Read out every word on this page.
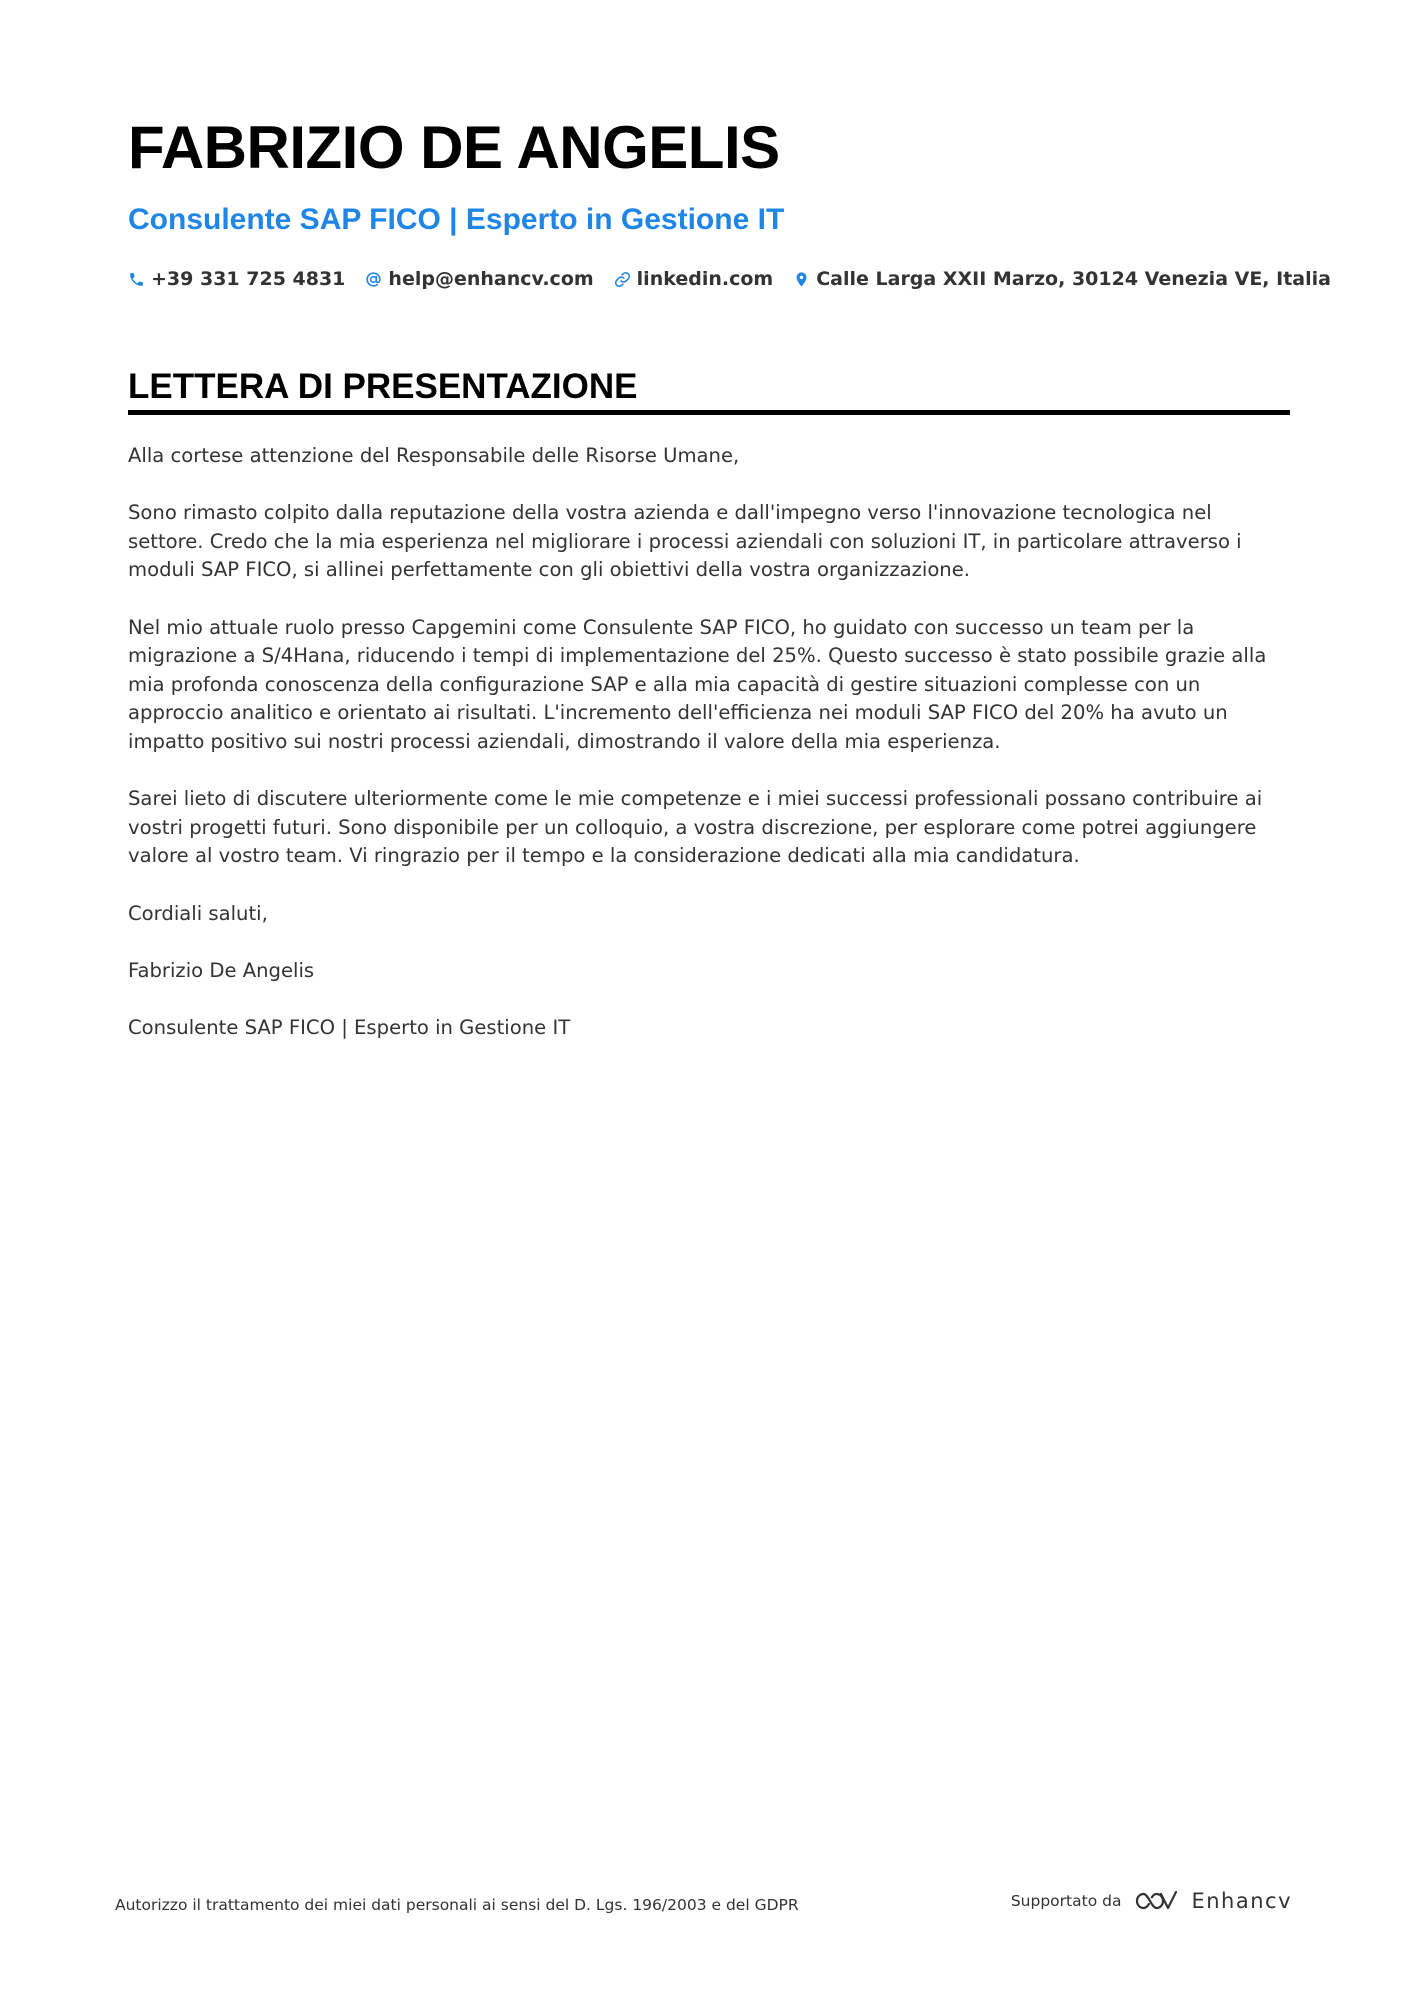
FABRIZIO DE ANGELIS
Consulente SAP FICO | Esperto in Gestione IT
+39 331 725 4831 help@enhancv.com linkedin.com Calle Larga XXII Marzo, 30124 Venezia VE, Italia
LETTERA DI PRESENTAZIONE

Alla cortese attenzione del Responsabile delle Risorse Umane,

Sono rimasto colpito dalla reputazione della vostra azienda e dall'impegno verso l'innovazione tecnologica nel settore. Credo che la mia esperienza nel migliorare i processi aziendali con soluzioni IT, in particolare attraverso i moduli SAP FICO, si allinei perfettamente con gli obiettivi della vostra organizzazione.

Nel mio attuale ruolo presso Capgemini come Consulente SAP FICO, ho guidato con successo un team per la migrazione a S/4Hana, riducendo i tempi di implementazione del 25%. Questo successo è stato possibile grazie alla mia profonda conoscenza della configurazione SAP e alla mia capacità di gestire situazioni complesse con un approccio analitico e orientato ai risultati. L'incremento dell'efficienza nei moduli SAP FICO del 20% ha avuto un impatto positivo sui nostri processi aziendali, dimostrando il valore della mia esperienza.

Sarei lieto di discutere ulteriormente come le mie competenze e i miei successi professionali possano contribuire ai vostri progetti futuri. Sono disponibile per un colloquio, a vostra discrezione, per esplorare come potrei aggiungere valore al vostro team. Vi ringrazio per il tempo e la considerazione dedicati alla mia candidatura.

Cordiali saluti,

Fabrizio De Angelis

Consulente SAP FICO | Esperto in Gestione IT

Autorizzo il trattamento dei miei dati personali ai sensi del D. Lgs. 196/2003 e del GDPR	Supportato da	Enhancv
